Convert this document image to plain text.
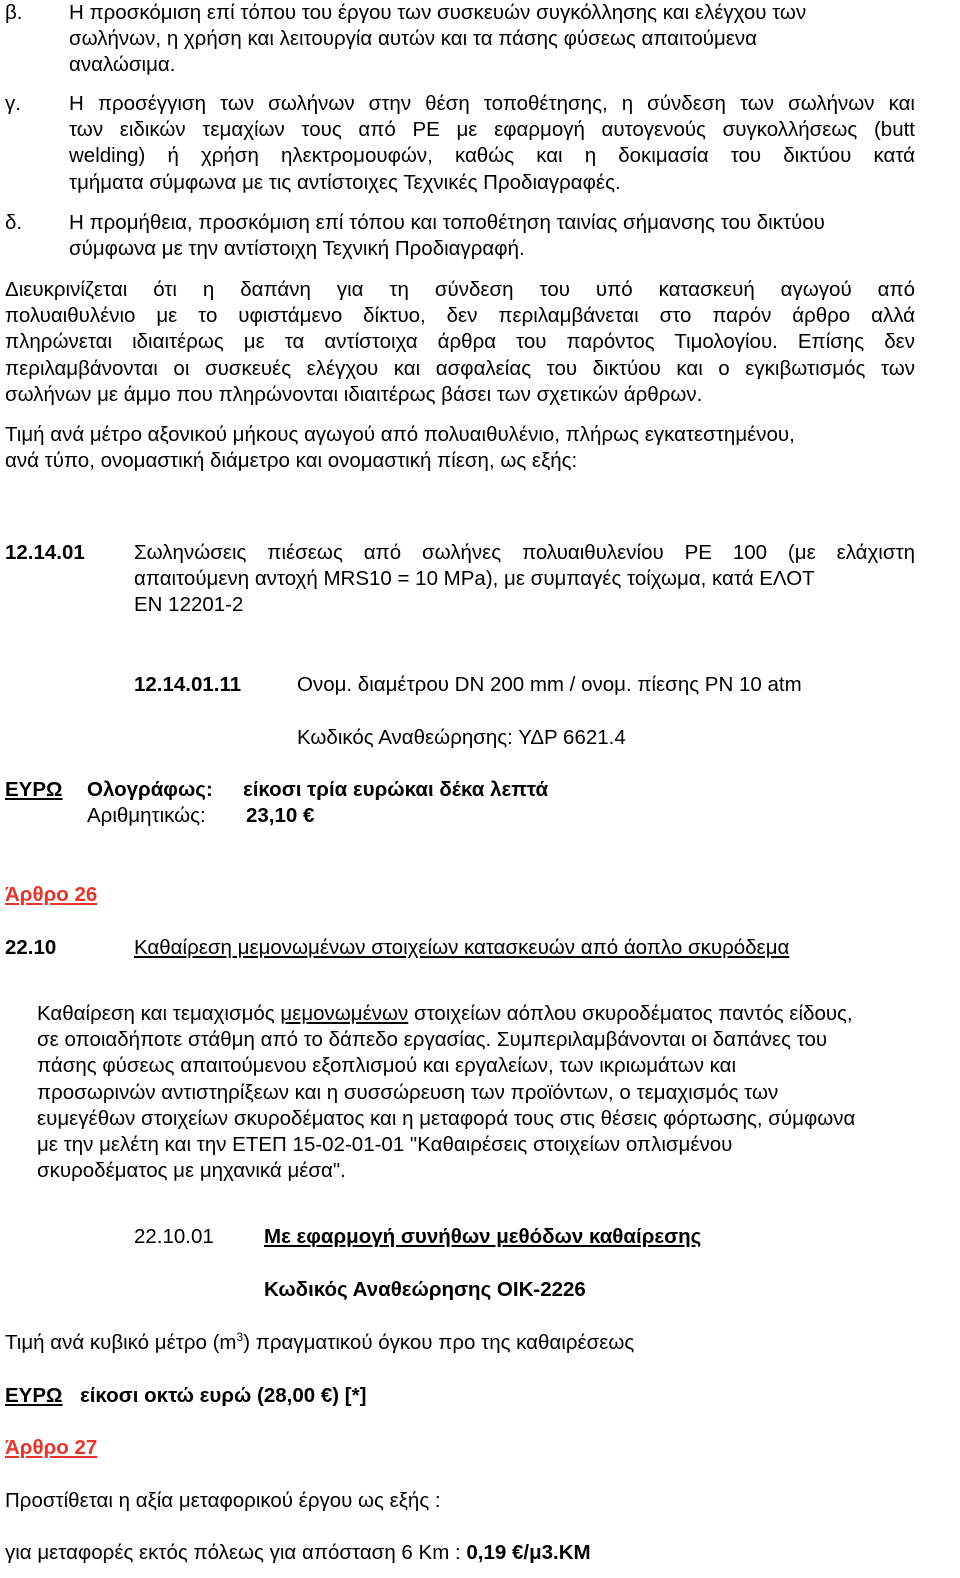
β. Η προσκόμιση επί τόπου του έργου των συσκευών συγκόλλησης και ελέγχου των
σωλήνων, η χρήση και λειτουργία αυτών και τα πάσης φύσεως απαιτούμενα
αναλώσιμα.
γ. Η προσέγγιση των σωλήνων στην θέση τοποθέτησης, η σύνδεση των σωλήνων και
των ειδικών τεμαχίων τους από PE με εφαρμογή αυτογενούς συγκολλήσεως (butt
welding) ή χρήση ηλεκτρομουφών, καθώς και η δοκιμασία του δικτύου κατά
τμήματα σύμφωνα με τις αντίστοιχες Τεχνικές Προδιαγραφές.
δ. Η προμήθεια, προσκόμιση επί τόπου και τοποθέτηση ταινίας σήμανσης του δικτύου
σύμφωνα με την αντίστοιχη Τεχνική Προδιαγραφή.
Διευκρινίζεται ότι η δαπάνη για τη σύνδεση του υπό κατασκευή αγωγού από
πολυαιθυλένιο με το υφιστάμενο δίκτυο, δεν περιλαμβάνεται στο παρόν άρθρο αλλά
πληρώνεται ιδιαιτέρως με τα αντίστοιχα άρθρα του παρόντος Τιμολογίου. Επίσης δεν
περιλαμβάνονται οι συσκευές ελέγχου και ασφαλείας του δικτύου και ο εγκιβωτισμός των
σωλήνων με άμμο που πληρώνονται ιδιαιτέρως βάσει των σχετικών άρθρων.
Τιμή ανά μέτρο αξονικού μήκους αγωγού από πολυαιθυλένιο, πλήρως εγκατεστημένου,
ανά τύπο, ονομαστική διάμετρο και ονομαστική πίεση, ως εξής:
12.14.01 Σωληνώσεις πιέσεως από σωλήνες πολυαιθυλενίου PE 100 (με ελάχιστη
απαιτούμενη αντοχή MRS10 = 10 MPa), με συμπαγές τοίχωμα, κατά ΕΛΟΤ
EN 12201-2
12.14.01.11	Ονομ. διαμέτρου DN 200 mm / ονομ. πίεσης PN 10 atm
Κωδικός Αναθεώρησης: ΥΔΡ 6621.4
ΕΥΡΩ Ολογράφως: είκοσι τρία ευρώκαι δέκα λεπτά
Αριθμητικώς: 23,10 €
Άρθρο 26
22.10	Καθαίρεση μεμονωμένων στοιχείων κατασκευών από άοπλο σκυρόδεμα
Καθαίρεση και τεμαχισμός μεμονωμένων στοιχείων αόπλου σκυροδέματος παντός είδους,
σε οποιαδήποτε στάθμη από το δάπεδο εργασίας. Συμπεριλαμβάνονται οι δαπάνες του
πάσης φύσεως απαιτούμενου εξοπλισμού και εργαλείων, των ικριωμάτων και
προσωρινών αντιστηρίξεων και η συσσώρευση των προϊόντων, ο τεμαχισμός των
ευμεγέθων στοιχείων σκυροδέματος και η μεταφορά τους στις θέσεις φόρτωσης, σύμφωνα
με την μελέτη και την ΕΤΕΠ 15-02-01-01 "Καθαιρέσεις στοιχείων οπλισμένου
σκυροδέματος με μηχανικά μέσα".
22.10.01 Με εφαρμογή συνήθων μεθόδων καθαίρεσης
Κωδικός Αναθεώρησης ΟΙΚ-2226
Τιμή ανά κυβικό μέτρο $(m^3)$ πραγματικού όγκου προ της καθαιρέσεως
ΕΥΡΩ είκοσι οκτώ ευρώ (28,00 €) [*]
Άρθρο 27
Προστίθεται η αξία μεταφορικού έργου ως εξής :
για μεταφορές εκτός πόλεως για απόσταση 6 Km : 0,19 €/μ3.ΚΜ
